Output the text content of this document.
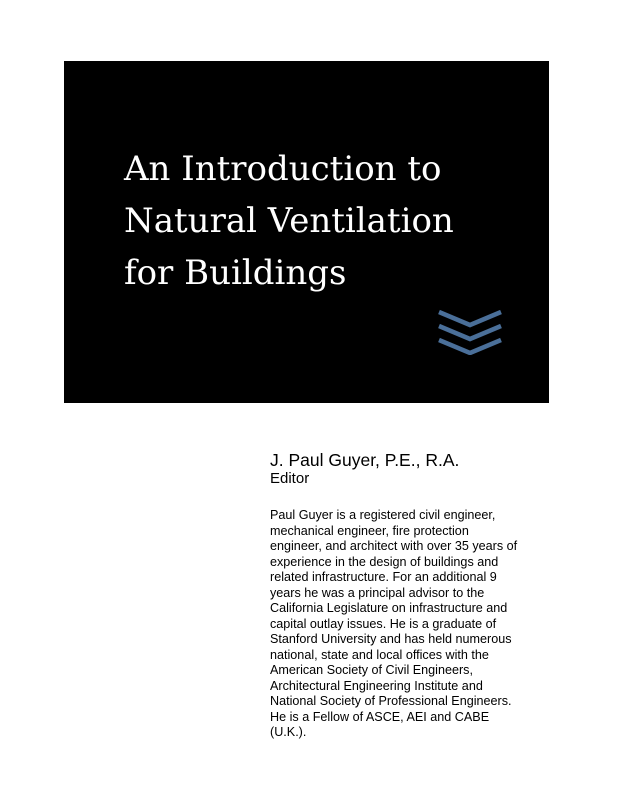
An Introduction to
Natural Ventilation
for Buildings

J. Paul Guyer, P.E., R.A.

Editor

Paul Guyer is a registered civil engineer,
mechanical engineer, fire protection
engineer, and architect with over 35 years of
experience in the design of buildings and
related infrastructure. For an additional 9
years he was a principal advisor to the
California Legislature on infrastructure and
capital outlay issues. He is a graduate of
Stanford University and has held numerous
national, state and local offices with the
American Society of Civil Engineers,
Architectural Engineering Institute and
National Society of Professional Engineers.
He is a Fellow of ASCE, AEI and CABE
(U.K.).
